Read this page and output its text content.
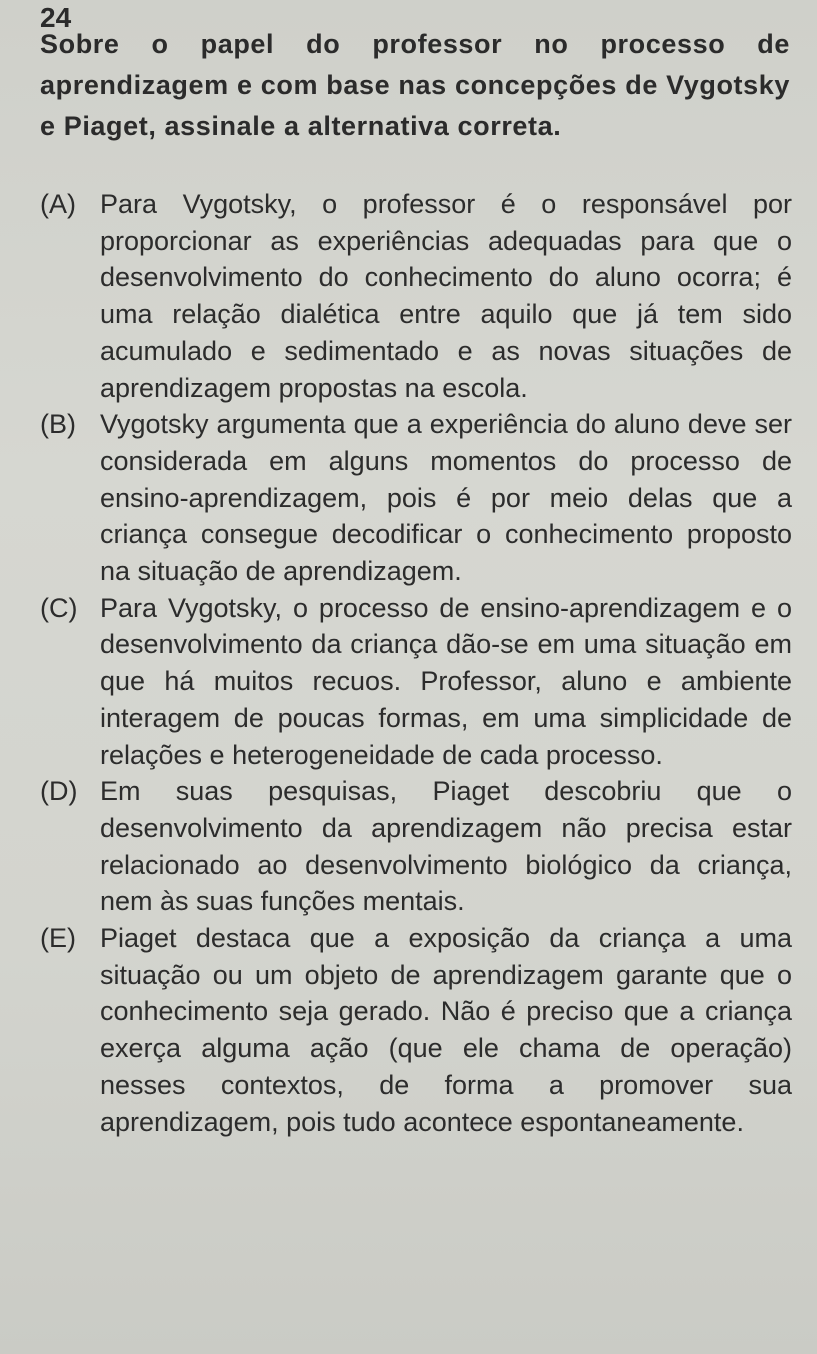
24
Sobre o papel do professor no processo de aprendizagem e com base nas concepções de Vygotsky e Piaget, assinale a alternativa correta.
(A) Para Vygotsky, o professor é o responsável por proporcionar as experiências adequadas para que o desenvolvimento do conhecimento do aluno ocorra; é uma relação dialética entre aquilo que já tem sido acumulado e sedimentado e as novas situações de aprendizagem propostas na escola.
(B) Vygotsky argumenta que a experiência do aluno deve ser considerada em alguns momentos do processo de ensino-aprendizagem, pois é por meio delas que a criança consegue decodificar o conhecimento proposto na situação de aprendizagem.
(C) Para Vygotsky, o processo de ensino-aprendizagem e o desenvolvimento da criança dão-se em uma situação em que há muitos recuos. Professor, aluno e ambiente interagem de poucas formas, em uma simplicidade de relações e heterogeneidade de cada processo.
(D) Em suas pesquisas, Piaget descobriu que o desenvolvimento da aprendizagem não precisa estar relacionado ao desenvolvimento biológico da criança, nem às suas funções mentais.
(E) Piaget destaca que a exposição da criança a uma situação ou um objeto de aprendizagem garante que o conhecimento seja gerado. Não é preciso que a criança exerça alguma ação (que ele chama de operação) nesses contextos, de forma a promover sua aprendizagem, pois tudo acontece espontaneamente.
